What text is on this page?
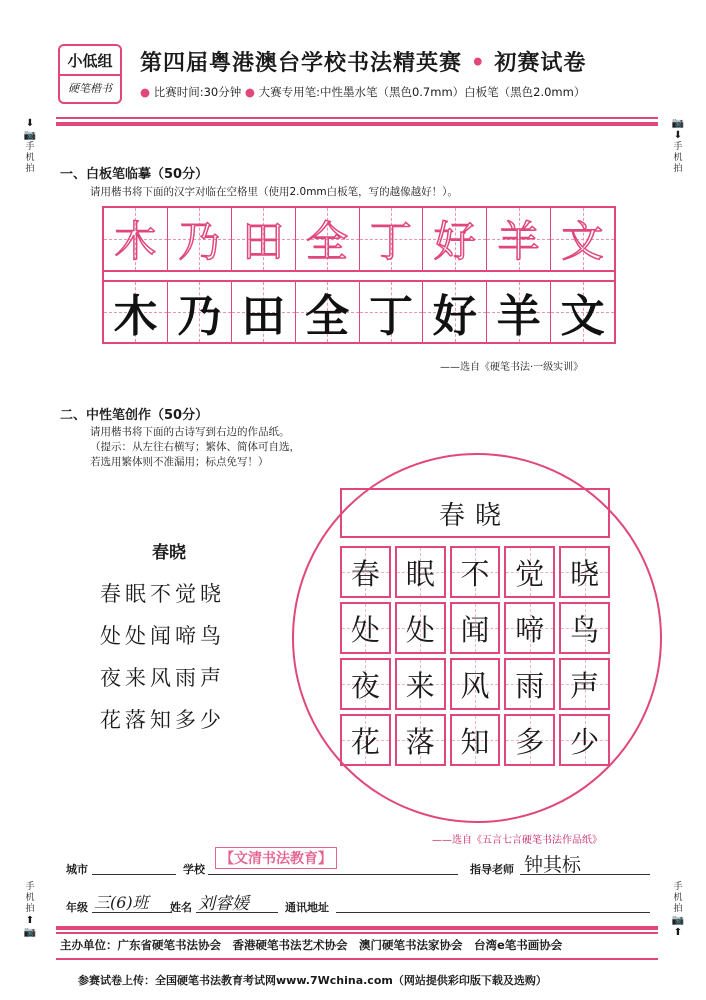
小低组
硬笔楷书
第四届粤港澳台学校书法精英赛 • 初赛试卷
● 比赛时间:30分钟 ● 大赛专用笔:中性墨水笔（黑色0.7mm）白板笔（黑色2.0mm）
⬇📷
手
机
拍
📷⬇
手
机
拍
一、白板笔临摹（50分）
请用楷书将下面的汉字对临在空格里（使用2.0mm白板笔，写的越像越好！）。
木 乃 田 全 丁 好 羊 文
木 乃 田 全 丁 好 羊 文
——选自《硬笔书法·一级实训》
二、中性笔创作（50分）
请用楷书将下面的古诗写到右边的作品纸。
（提示：从左往右横写；繁体、简体可自选，
若选用繁体则不准漏用；标点免写！）
春晓
春眠不觉晓
处处闻啼鸟
夜来风雨声
花落知多少
春晓
春 眠 不 觉 晓
处 处 闻 啼 鸟
夜 来 风 雨 声
花 落 知 多 少
——选自《五言七言硬笔书法作品纸》
城市	学校
【文清书法教育】
指导老师 钟其标
年级 三(6)班 姓名 刘睿媛	通讯地址
手
机
拍
⬆📷
手
机
拍
📷⬆
主办单位：广东省硬笔书法协会　香港硬笔书法艺术协会　澳门硬笔书法家协会　台湾e笔书画协会
参赛试卷上传：全国硬笔书法教育考试网www.7Wchina.com（网站提供彩印版下载及选购）
